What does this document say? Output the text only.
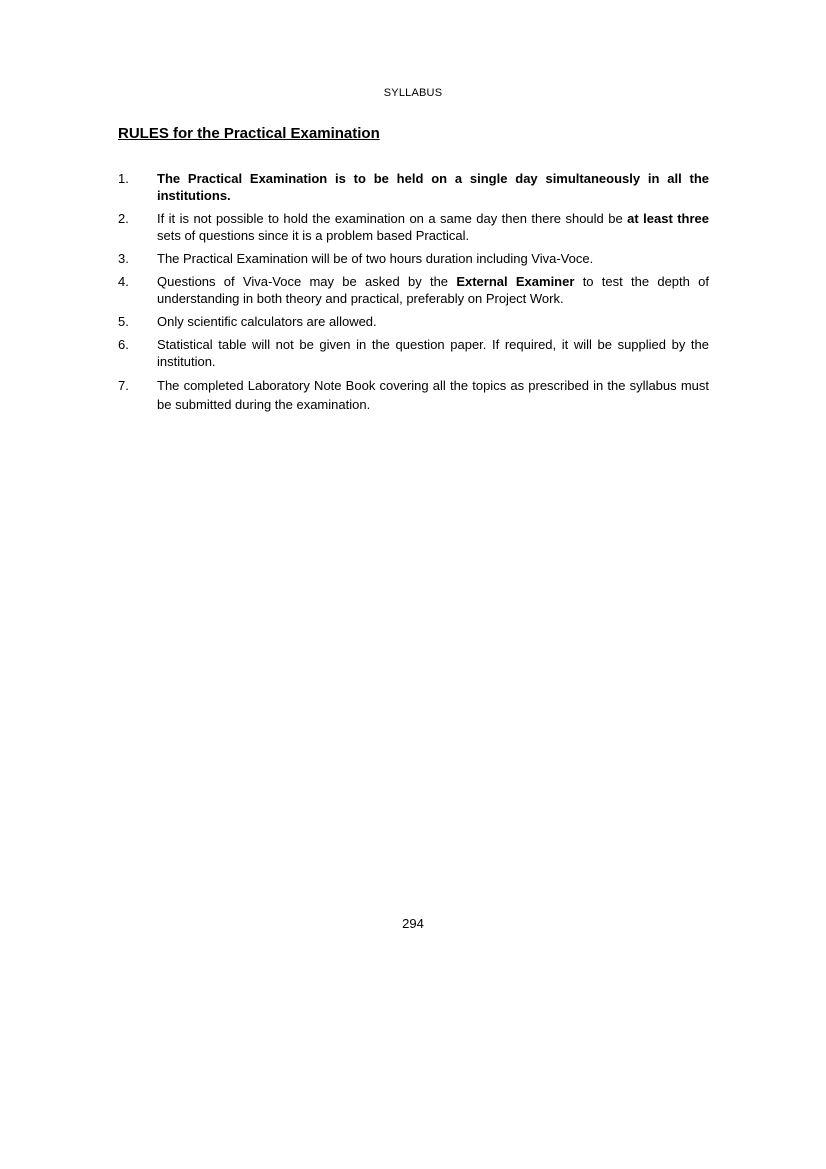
SYLLABUS
RULES for the Practical Examination
1.	The Practical Examination is to be held on a single day simultaneously in all the institutions.
2.	If it is not possible to hold the examination on a same day then there should be at least three sets of questions since it is a problem based Practical.
3.	The Practical Examination will be of two hours duration including Viva-Voce.
4.	Questions of Viva-Voce may be asked by the External Examiner to test the depth of understanding in both theory and practical, preferably on Project Work.
5.	Only scientific calculators are allowed.
6.	Statistical table will not be given in the question paper. If required, it will be supplied by the institution.
7.	The completed Laboratory Note Book covering all the topics as prescribed in the syllabus must be submitted during the examination.
294
